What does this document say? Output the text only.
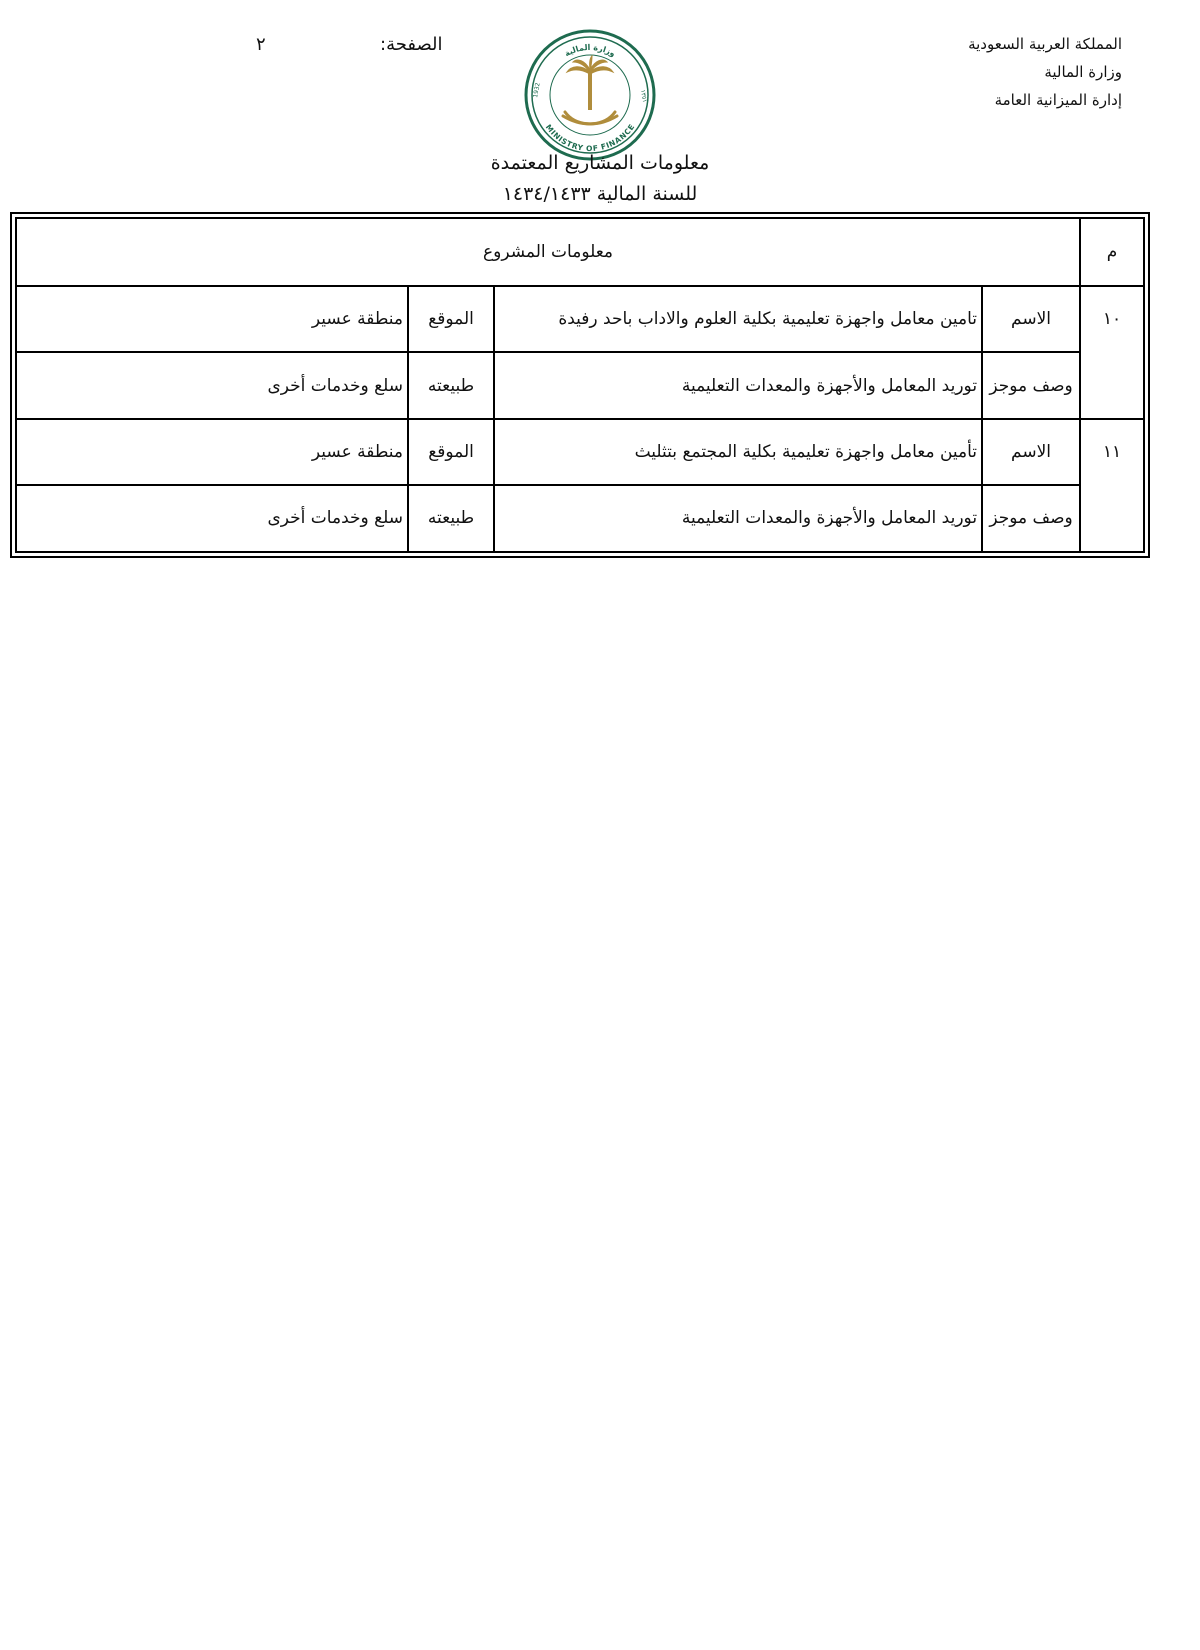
المملكة العربية السعودية
وزارة المالية
إدارة الميزانية العامة
الصفحة:
٢	وزارة المالية
MINISTRY OF FINANCE
1932	١٣٥١
معلومات المشاريع المعتمدة
للسنة المالية ١٤٣٤/١٤٣٣
م	معلومات المشروع			
١٠	الاسم	تامين معامل واجهزة تعليمية بكلية العلوم والاداب باحد رفيدة	الموقع	منطقة عسير
	وصف موجز	توريد المعامل والأجهزة والمعدات التعليمية	طبيعته	سلع وخدمات أخرى
١١	الاسم	تأمين معامل واجهزة تعليمية بكلية المجتمع بتثليث	الموقع	منطقة عسير
	وصف موجز	توريد المعامل والأجهزة والمعدات التعليمية	طبيعته	سلع وخدمات أخرى
